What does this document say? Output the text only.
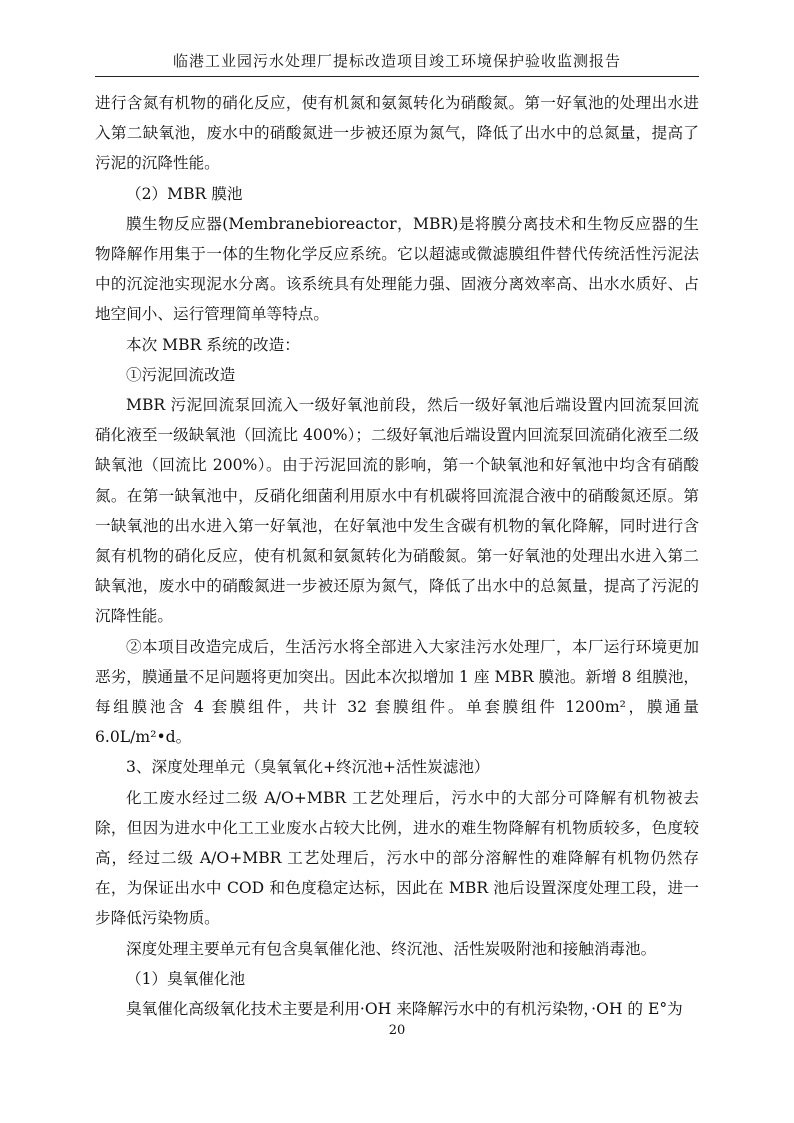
临港工业园污水处理厂提标改造项目竣工环境保护验收监测报告

进行含氮有机物的硝化反应，使有机氮和氨氮转化为硝酸氮。第一好氧池的处理出水进入第二缺氧池，废水中的硝酸氮进一步被还原为氮气，降低了出水中的总氮量，提高了污泥的沉降性能。

（2）MBR 膜池

膜生物反应器(Membranebioreactor，MBR)是将膜分离技术和生物反应器的生物降解作用集于一体的生物化学反应系统。它以超滤或微滤膜组件替代传统活性污泥法中的沉淀池实现泥水分离。该系统具有处理能力强、固液分离效率高、出水水质好、占地空间小、运行管理简单等特点。

本次 MBR 系统的改造：

①污泥回流改造

MBR 污泥回流泵回流入一级好氧池前段，然后一级好氧池后端设置内回流泵回流硝化液至一级缺氧池（回流比 400%）；二级好氧池后端设置内回流泵回流硝化液至二级缺氧池（回流比 200%）。由于污泥回流的影响，第一个缺氧池和好氧池中均含有硝酸氮。在第一缺氧池中，反硝化细菌利用原水中有机碳将回流混合液中的硝酸氮还原。第一缺氧池的出水进入第一好氧池，在好氧池中发生含碳有机物的氧化降解，同时进行含氮有机物的硝化反应，使有机氮和氨氮转化为硝酸氮。第一好氧池的处理出水进入第二缺氧池，废水中的硝酸氮进一步被还原为氮气，降低了出水中的总氮量，提高了污泥的沉降性能。

②本项目改造完成后，生活污水将全部进入大家洼污水处理厂，本厂运行环境更加恶劣，膜通量不足问题将更加突出。因此本次拟增加 1 座 MBR 膜池。新增 8 组膜池，每组膜池含 4 套膜组件，共计 32 套膜组件。单套膜组件 1200m²，膜通量 6.0L/m²•d。

3、深度处理单元（臭氧氧化+终沉池+活性炭滤池）

化工废水经过二级 A/O+MBR 工艺处理后，污水中的大部分可降解有机物被去除，但因为进水中化工工业废水占较大比例，进水的难生物降解有机物质较多，色度较高，经过二级 A/O+MBR 工艺处理后，污水中的部分溶解性的难降解有机物仍然存在，为保证出水中 COD 和色度稳定达标，因此在 MBR 池后设置深度处理工段，进一步降低污染物质。

深度处理主要单元有包含臭氧催化池、终沉池、活性炭吸附池和接触消毒池。

（1）臭氧催化池

臭氧催化高级氧化技术主要是利用·OH 来降解污水中的有机污染物，·OH 的 E°为

20
